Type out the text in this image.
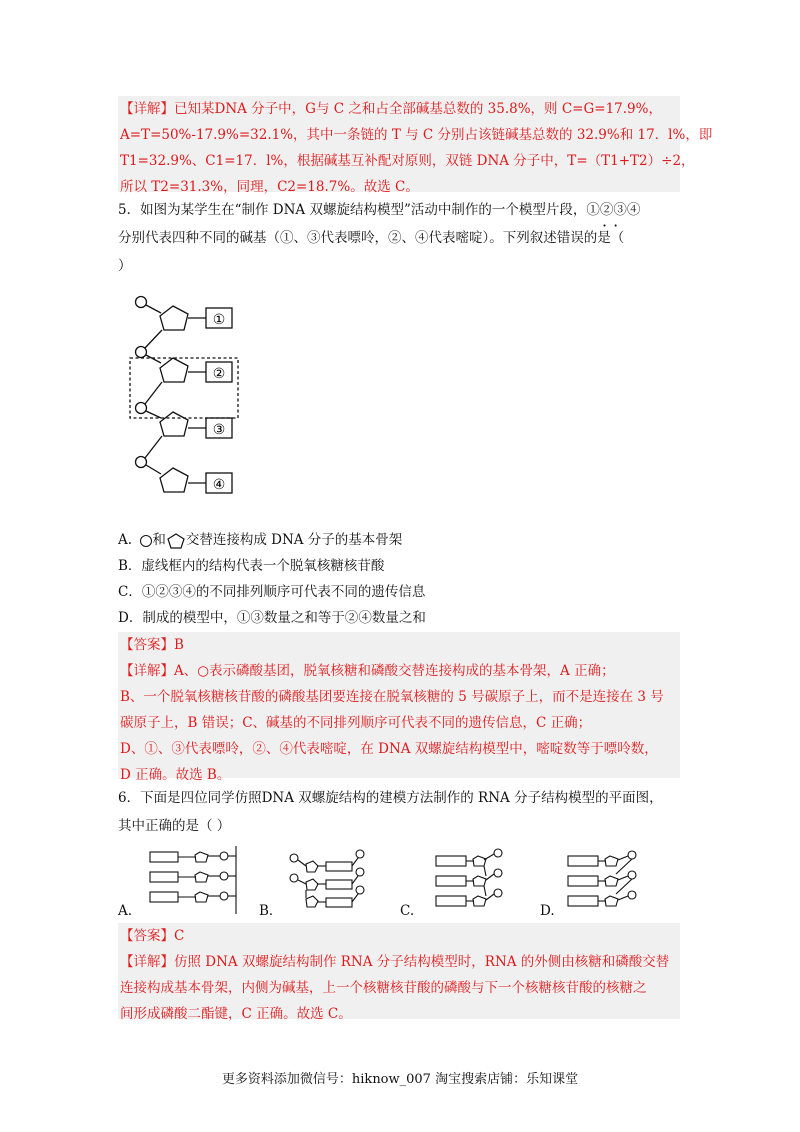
【详解】已知某DNA 分子中，G与 C 之和占全部碱基总数的 35.8%，则 C=G=17.9%，

A=T=50%-17.9%=32.1%，其中一条链的 T 与 C 分别占该链碱基总数的 32.9%和 17．l%，即

T1=32.9%、C1=17．l%，根据碱基互补配对原则，双链 DNA 分子中，T=（T1+T2）÷2，

所以 T2=31.3%，同理，C2=18.7%。故选 C。

5．如图为某学生在“制作 DNA 双螺旋结构模型”活动中制作的一个模型片段，①②③④

分别代表四种不同的碱基（①、③代表嘌呤，②、④代表嘧啶）。下列叙述错误的是（

）

··
①
②
③
④
A. 和 交替连接构成 DNA 分子的基本骨架
B．虚线框内的结构代表一个脱氧核糖核苷酸
C．①②③④的不同排列顺序可代表不同的遗传信息
D．制成的模型中，①③数量之和等于②④数量之和

【答案】B

【详解】A、○表示磷酸基团，脱氧核糖和磷酸交替连接构成的基本骨架，A 正确；

B、一个脱氧核糖核苷酸的磷酸基团要连接在脱氧核糖的 5 号碳原子上，而不是连接在 3 号

碳原子上，B 错误；C、碱基的不同排列顺序可代表不同的遗传信息，C 正确；

D、①、③代表嘌呤，②、④代表嘧啶，在 DNA 双螺旋结构模型中，嘧啶数等于嘌呤数，

D 正确。故选 B。

6．下面是四位同学仿照DNA 双螺旋结构的建模方法制作的 RNA 分子结构模型的平面图，

其中正确的是（ ）

A.	B．	C.	D.

【答案】C

【详解】仿照 DNA 双螺旋结构制作 RNA 分子结构模型时，RNA 的外侧由核糖和磷酸交替

连接构成基本骨架，内侧为碱基，上一个核糖核苷酸的磷酸与下一个核糖核苷酸的核糖之

间形成磷酸二酯键，C 正确。故选 C。

更多资料添加微信号：hiknow_007 淘宝搜索店铺：乐知课堂
